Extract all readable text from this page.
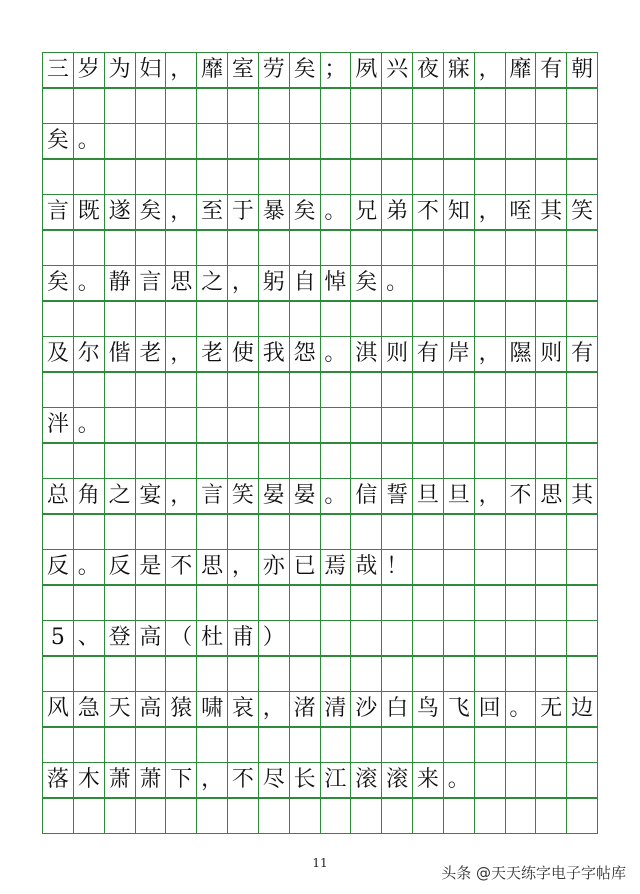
三 岁 为 妇 ， 靡 室 劳 矣 ； 夙 兴 夜 寐 ， 靡 有 朝
矣 。
言 既 遂 矣 ， 至 于 暴 矣 。 兄 弟 不 知 ， 咥 其 笑
矣 。 静 言 思 之 ， 躬 自 悼 矣 。
及 尔 偕 老 ， 老 使 我 怨 。 淇 则 有 岸 ， 隰 则 有
泮 。
总 角 之 宴 ， 言 笑 晏 晏 。 信 誓 旦 旦 ， 不 思 其
反 。 反 是 不 思 ， 亦 已 焉 哉 ！
5 、 登 高 （ 杜 甫 ）
风 急 天 高 猿 啸 哀 ， 渚 清 沙 白 鸟 飞 回 。 无 边
落 木 萧 萧 下 ， 不 尽 长 江 滚 滚 来 。
11
头条 @天天练字电子字帖库
